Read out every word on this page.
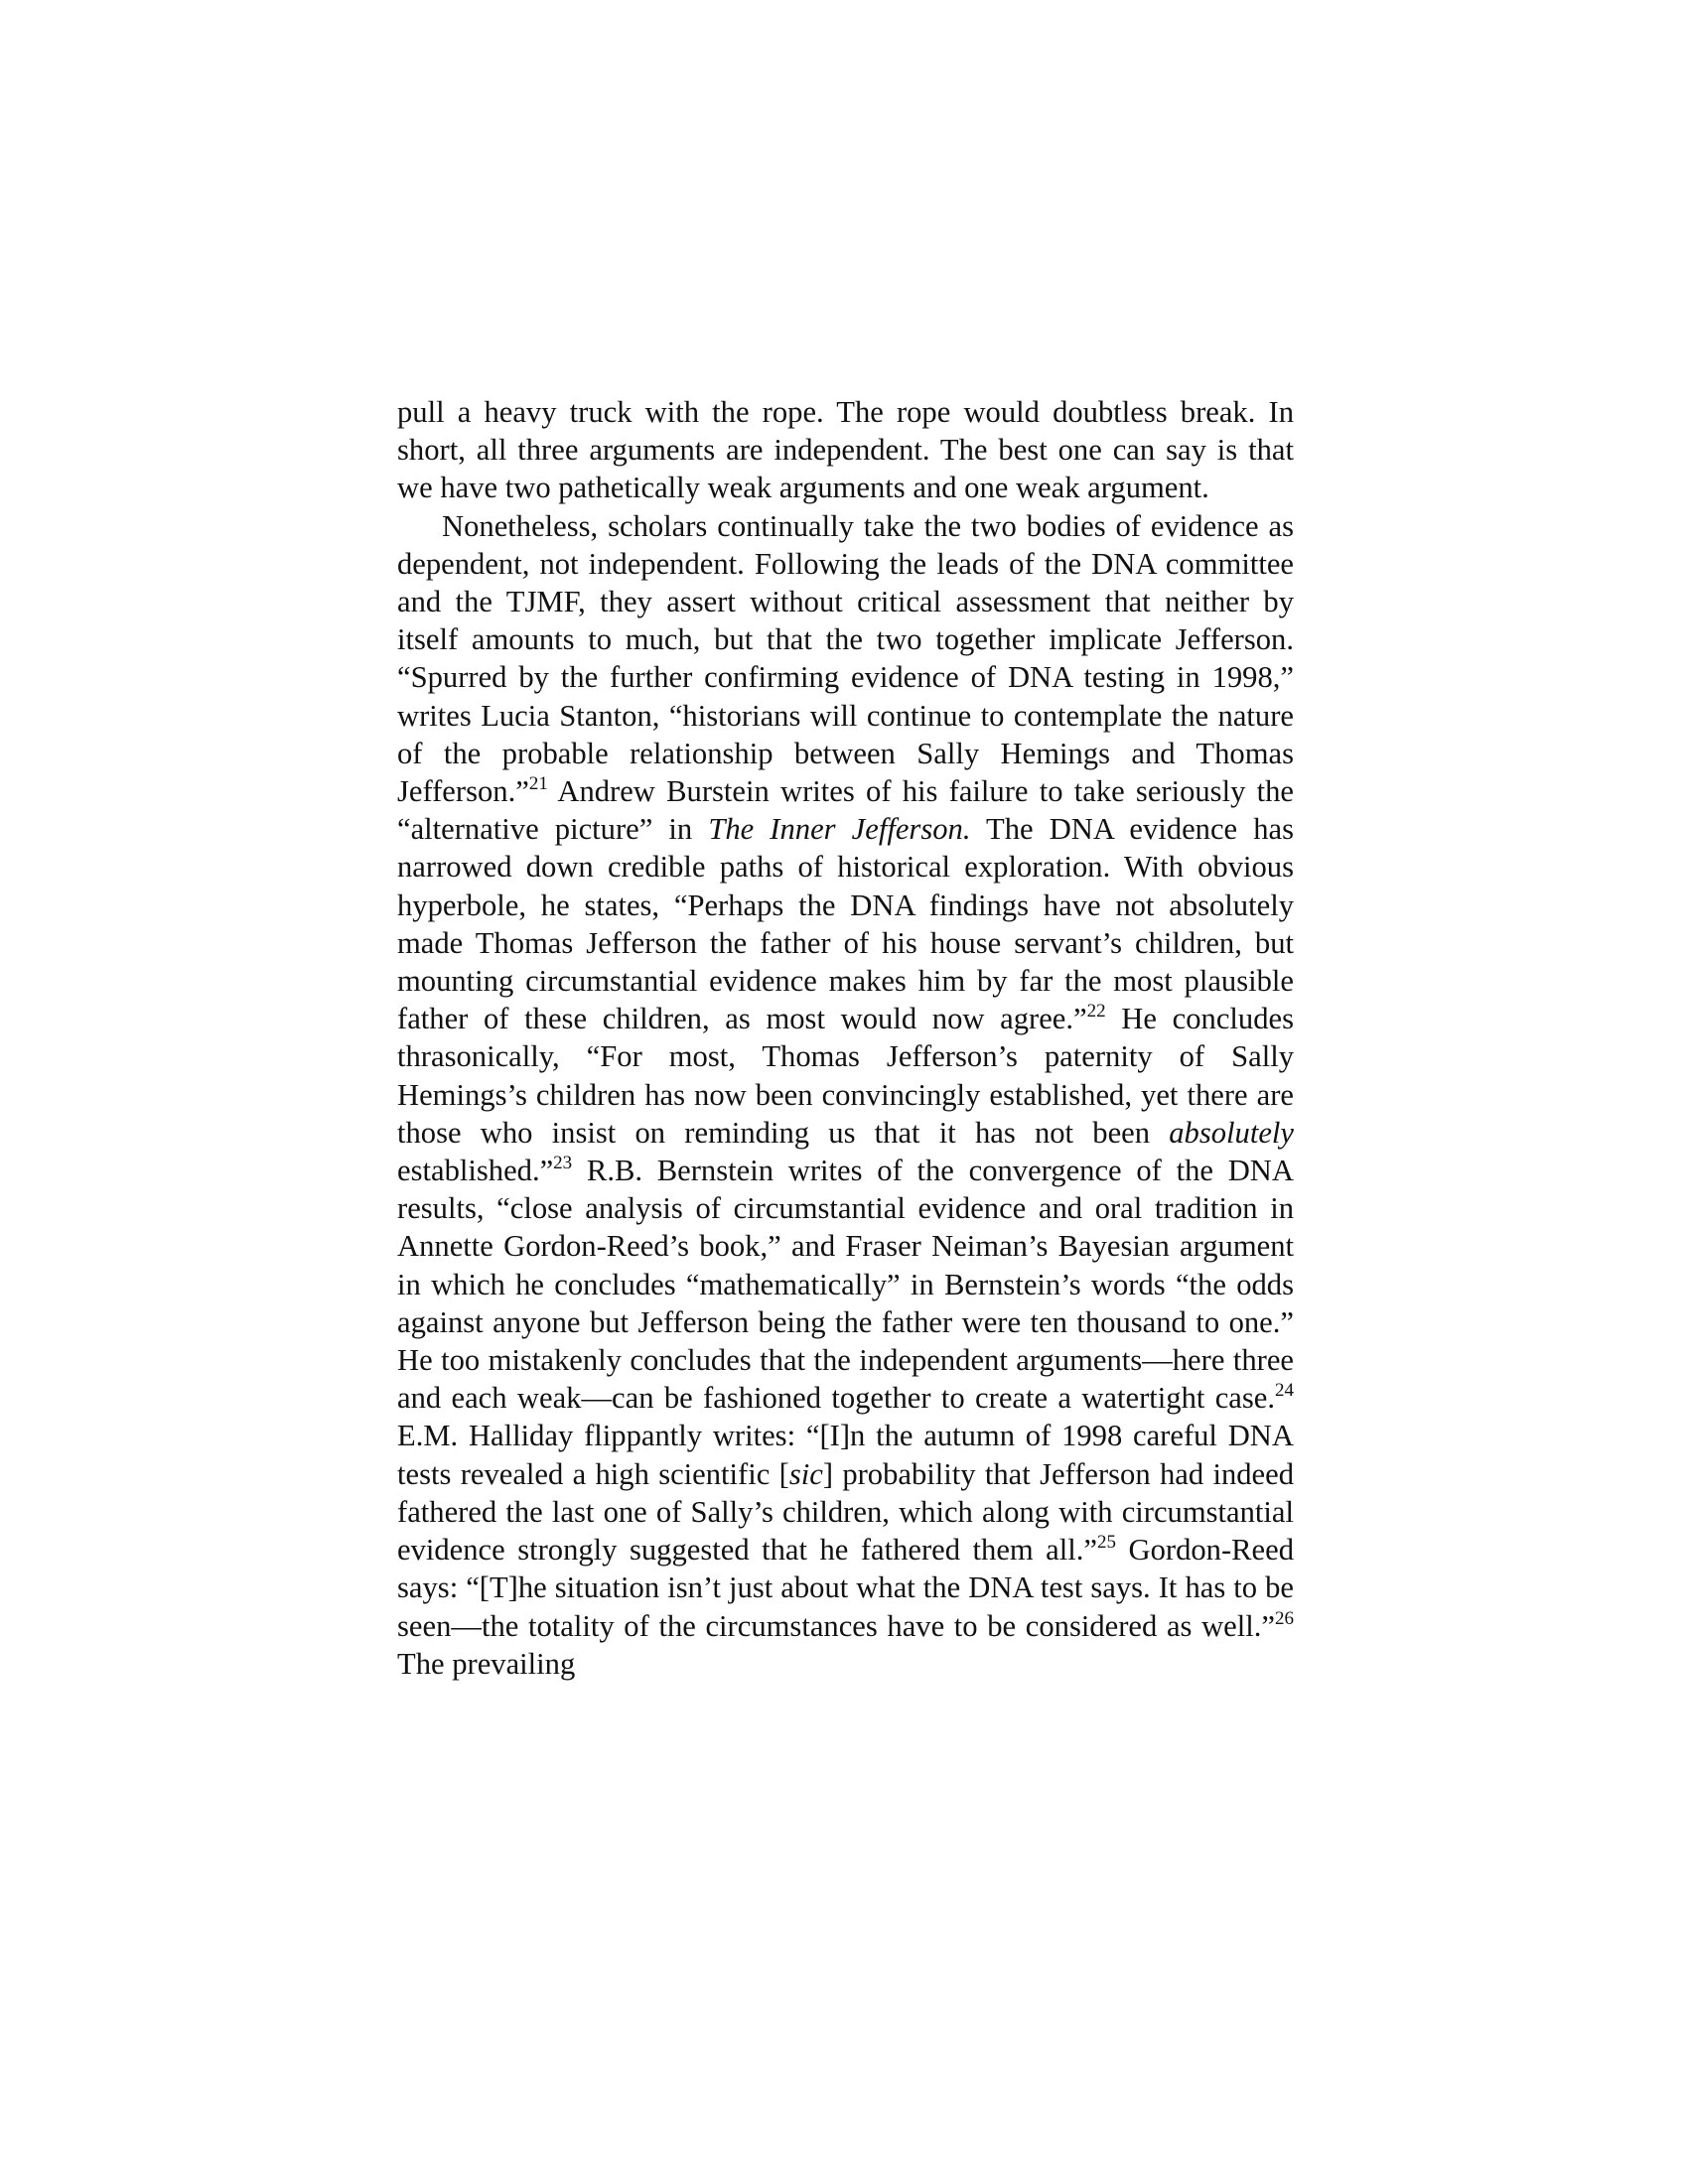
pull a heavy truck with the rope. The rope would doubtless break. In short, all three arguments are independent. The best one can say is that we have two pathetically weak arguments and one weak argument.

Nonetheless, scholars continually take the two bodies of evidence as dependent, not independent. Following the leads of the DNA committee and the TJMF, they assert without critical assessment that neither by itself amounts to much, but that the two together implicate Jefferson. “Spurred by the further confirming evidence of DNA testing in 1998,” writes Lucia Stanton, “historians will continue to contemplate the nature of the probable relationship between Sally Hemings and Thomas Jefferson.”$^{21}$ Andrew Burstein writes of his failure to take seriously the “alternative picture” in The Inner Jefferson. The DNA evidence has narrowed down credible paths of historical exploration. With obvious hyperbole, he states, “Perhaps the DNA findings have not absolutely made Thomas Jefferson the father of his house servant’s children, but mounting circumstantial evidence makes him by far the most plausible father of these children, as most would now agree.”$^{22}$ He concludes thrasonically, “For most, Thomas Jefferson’s paternity of Sally Hemings’s children has now been convincingly established, yet there are those who insist on reminding us that it has not been absolutely established.”$^{23}$ R.B. Bernstein writes of the convergence of the DNA results, “close analysis of circumstantial evidence and oral tradition in Annette Gordon-Reed’s book,” and Fraser Neiman’s Bayesian argument in which he concludes “mathematically” in Bernstein’s words “the odds against anyone but Jefferson being the father were ten thousand to one.” He too mistakenly concludes that the independent arguments—here three and each weak—can be fashioned together to create a watertight case.$^{24}$ E.M. Halliday flippantly writes: “[I]n the autumn of 1998 careful DNA tests revealed a high scientific [sic] probability that Jefferson had indeed fathered the last one of Sally’s children, which along with circumstantial evidence strongly suggested that he fathered them all.”$^{25}$ Gordon-Reed says: “[T]he situation isn’t just about what the DNA test says. It has to be seen—the totality of the circumstances have to be considered as well.”$^{26}$ The prevailing
